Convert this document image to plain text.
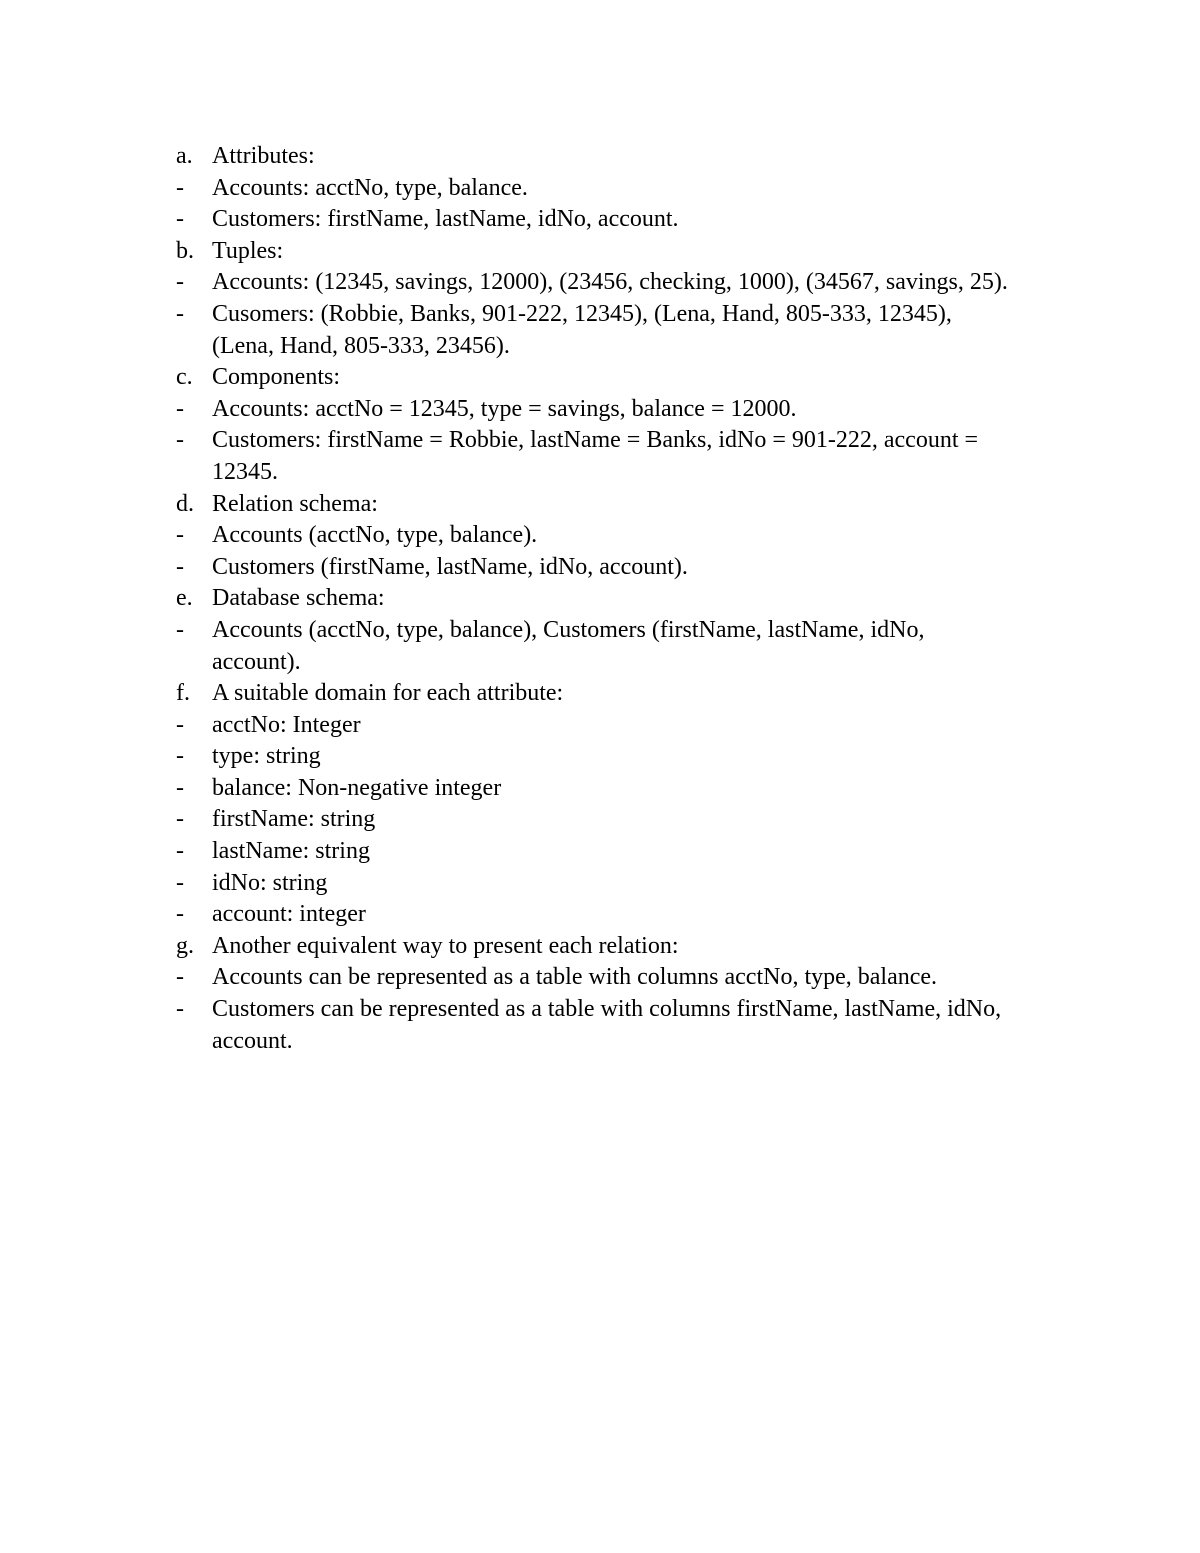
a. Attributes:
- Accounts: acctNo, type, balance.
- Customers: firstName, lastName, idNo, account.
b. Tuples:
- Accounts: (12345, savings, 12000), (23456, checking, 1000), (34567, savings, 25).
- Cusomers: (Robbie, Banks, 901-222, 12345), (Lena, Hand, 805-333, 12345),
(Lena, Hand, 805-333, 23456).
c. Components:
- Accounts: acctNo = 12345, type = savings, balance = 12000.
- Customers: firstName = Robbie, lastName = Banks, idNo = 901-222, account =
12345.
d. Relation schema:
- Accounts (acctNo, type, balance).
- Customers (firstName, lastName, idNo, account).
e. Database schema:
- Accounts (acctNo, type, balance), Customers (firstName, lastName, idNo,
account).
f. A suitable domain for each attribute:
- acctNo: Integer
- type: string
- balance: Non-negative integer
- firstName: string
- lastName: string
- idNo: string
- account: integer
g. Another equivalent way to present each relation:
- Accounts can be represented as a table with columns acctNo, type, balance.
- Customers can be represented as a table with columns firstName, lastName, idNo,
account.
